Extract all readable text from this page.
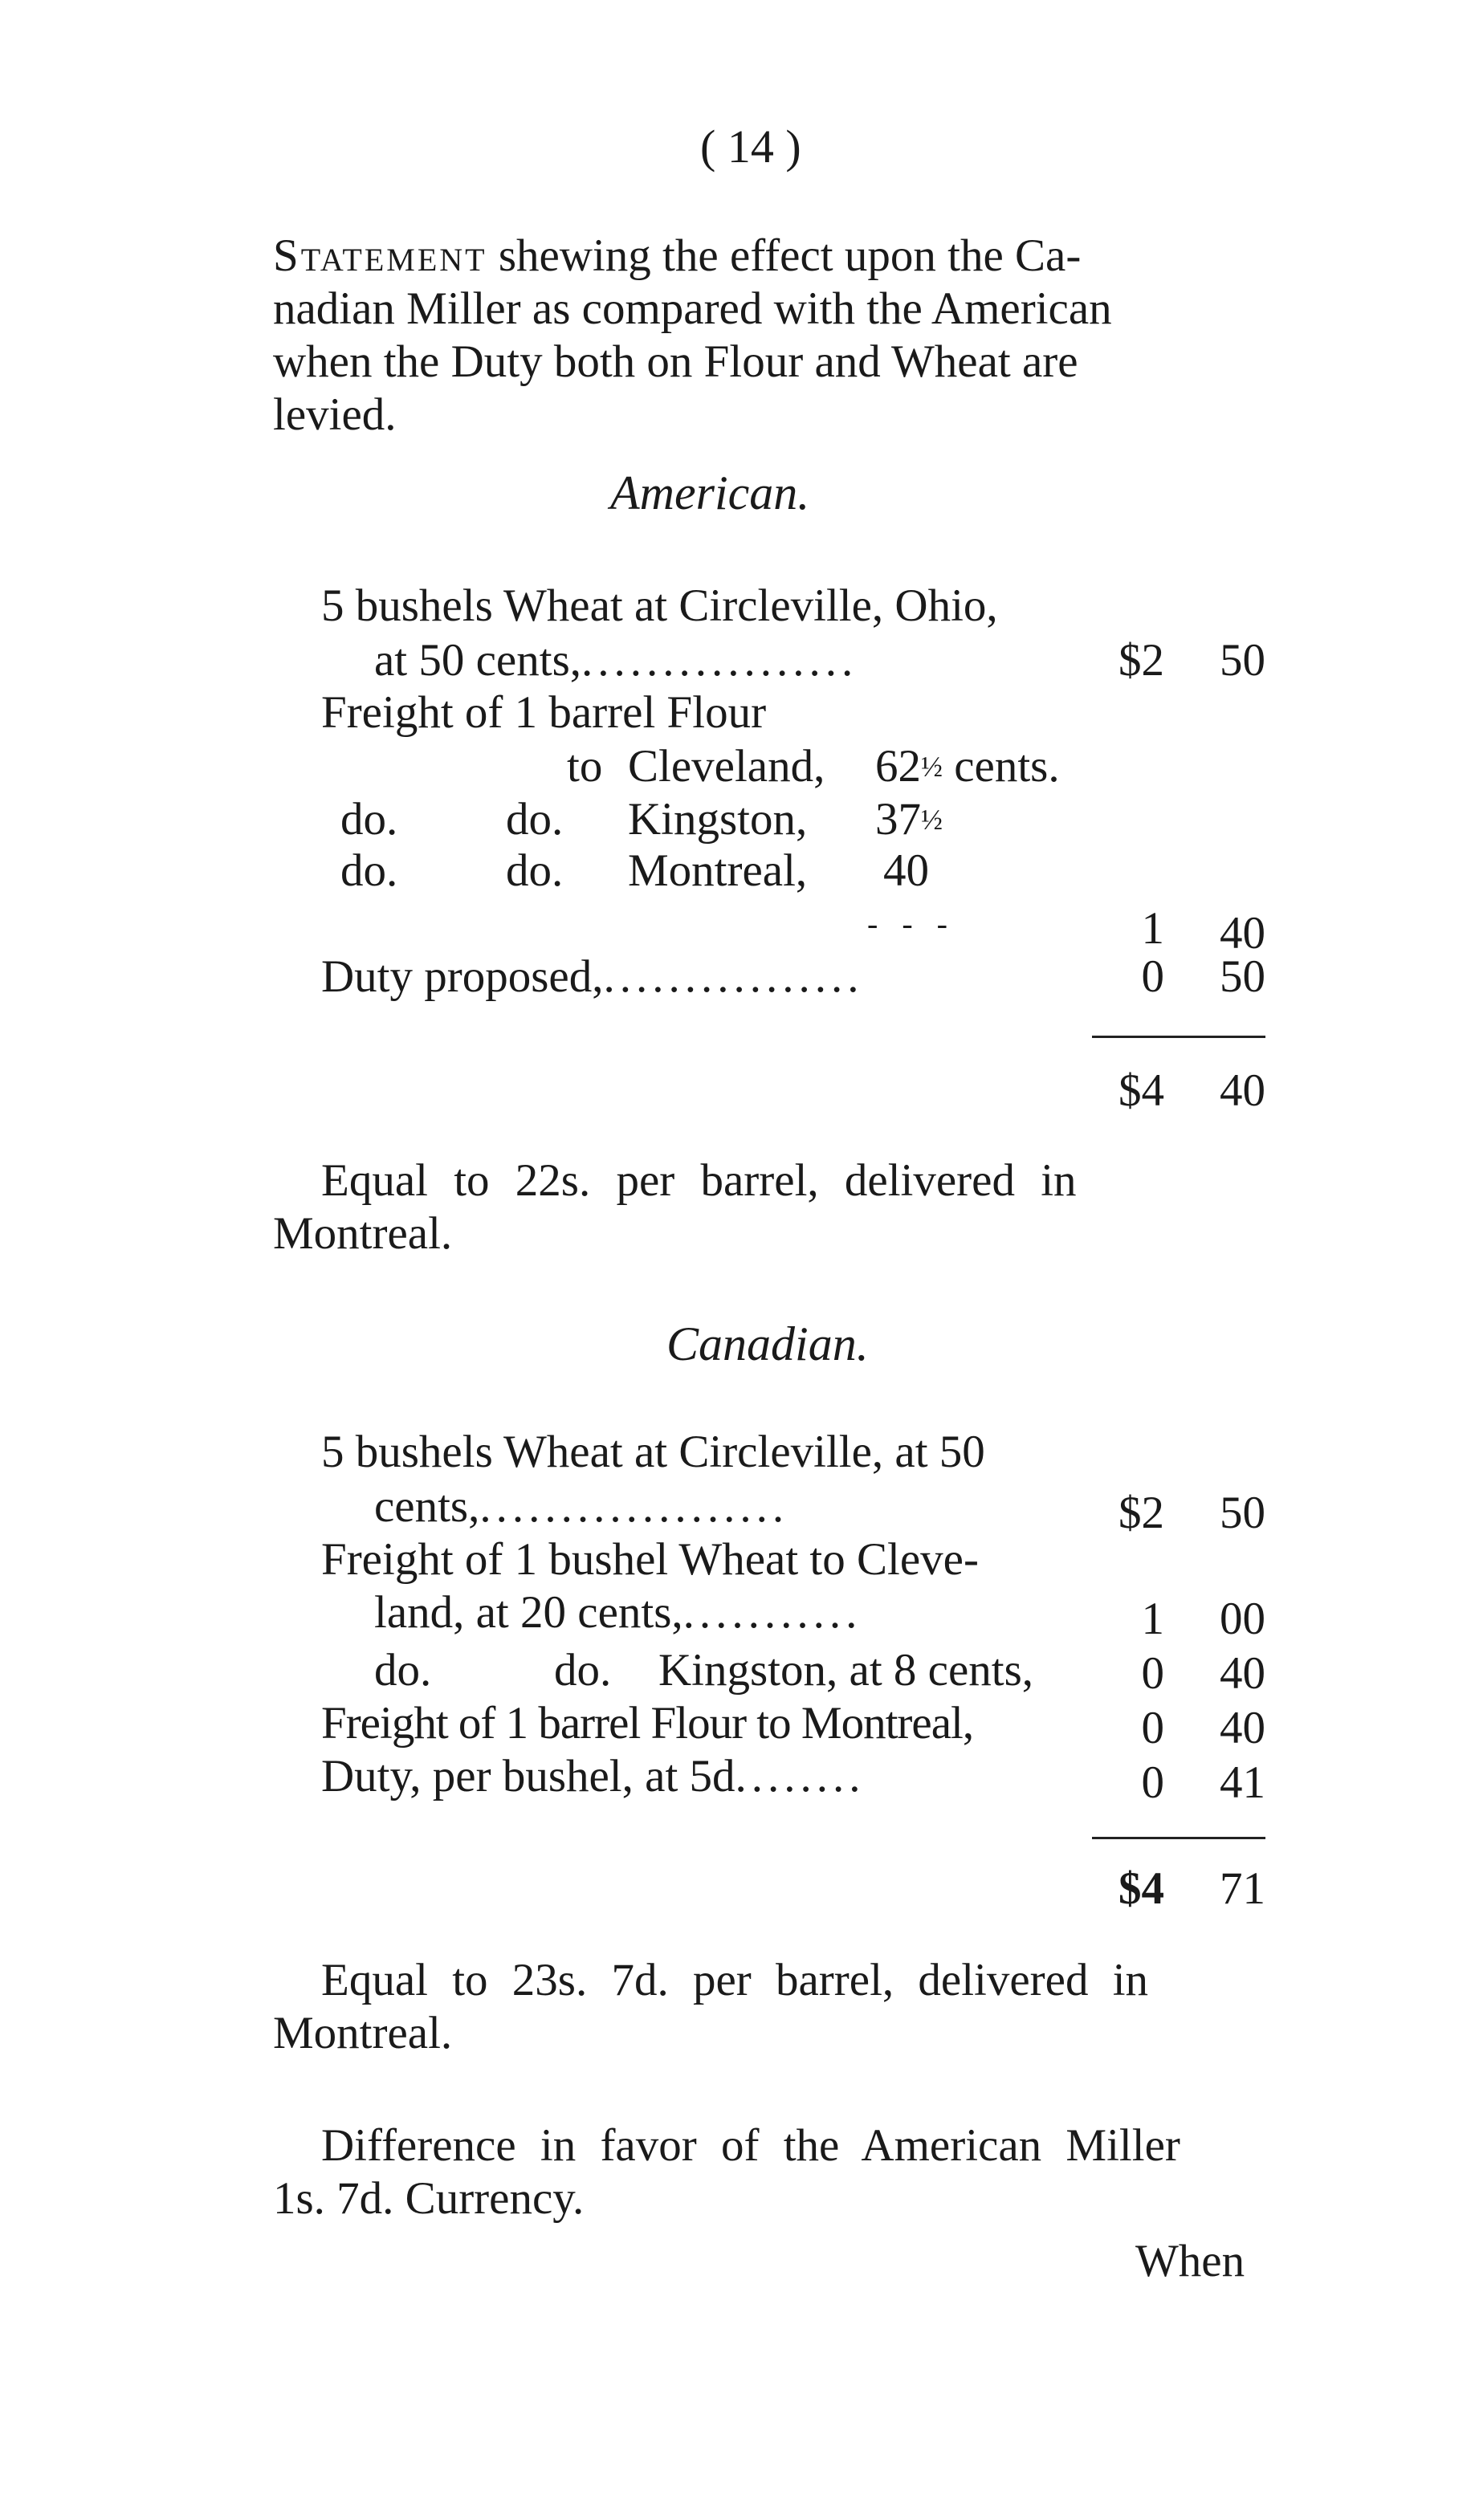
( 14 )
Statement shewing the effect upon the Ca-
nadian Miller as compared with the American
when the Duty both on Flour and Wheat are
levied.
American.
5 bushels Wheat at Circleville, Ohio,
at 50 cents,.................	$2	50
Freight of 1 barrel Flour
to Cleveland, 62½ cents.
do. do. Kingston, 37½
do. do. Montreal, 40
- - -	1	40
Duty proposed,................	0	50
$4	40
Equal to 22s. per barrel, delivered in
Montreal.
Canadian.
5 bushels Wheat at Circleville, at 50
cents,...................	$2	50
Freight of 1 bushel Wheat to Cleve-
land, at 20 cents,...........	1	00
do.	do. Kingston, at 8 cents,	0	40
Freight of 1 barrel Flour to Montreal,	0	40
Duty, per bushel, at 5d........	0	41
$4	71
Equal to 23s. 7d. per barrel, delivered in
Montreal.
Difference in favor of the American Miller
1s. 7d. Currency.
When
